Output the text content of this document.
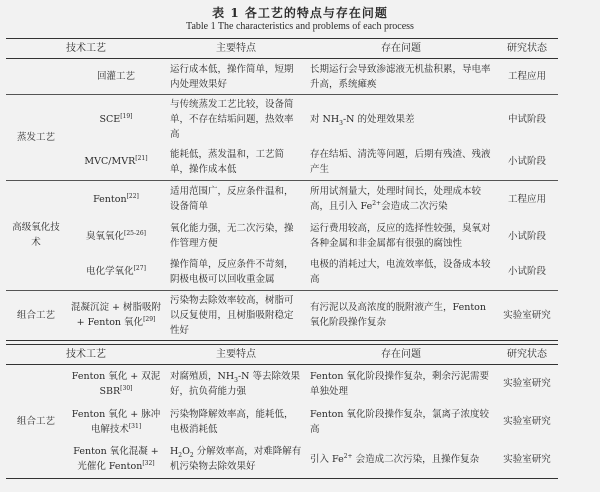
表 1 各工艺的特点与存在问题
Table 1 The characteristics and problems of each process
技术工艺		主要特点	存在问题	研究状态
	回灌工艺	运行成本低，操作简单，短期内处理效果好	长期运行会导致渗滤液无机盐积累，导电率升高，系统瘫痪	工程应用
蒸发工艺	SCE[19]	与传统蒸发工艺比较，设备简单，不存在结垢问题，热效率高	对 $NH_3-N$ 的处理效果差	中试阶段
	MVC/MVR[21]	能耗低，蒸发温和，工艺简单，操作成本低	存在结垢、清洗等问题，后期有残渣、残液产生	小试阶段
高级氧化技术	Fenton[22]	适用范围广，反应条件温和，设备简单	所用试剂量大，处理时间长，处理成本较高，且引入 $Fe^{2+}$会造成二次污染	工程应用
	臭氧氧化[25-26]	氧化能力强，无二次污染，操作管理方便	运行费用较高，反应的选择性较强，臭氧对各种金属和非金属都有很强的腐蚀性	小试阶段
	电化学氧化[27]	操作简单，反应条件不苛刻，阴极电极可以回收重金属	电极的消耗过大，电流效率低，设备成本较高	小试阶段
组合工艺	混凝沉淀 + 树脂吸附 + Fenton 氧化[29]	污染物去除效率较高，树脂可以反复使用，且树脂吸附稳定性好	有污泥以及高浓度的脱附液产生，Fenton 氧化阶段操作复杂	实验室研究
技术工艺		主要特点	存在问题	研究状态
组合工艺	Fenton 氧化 + 双泥 SBR[30]	对腐殖质，$NH_3-N$ 等去除效果好，抗负荷能力强	Fenton 氧化阶段操作复杂，剩余污泥需要单独处理	实验室研究
	Fenton 氧化 + 脉冲电解技术[31]	污染物降解效率高，能耗低，电极消耗低	Fenton 氧化阶段操作复杂，氯离子浓度较高	实验室研究
	Fenton 氧化混凝 + 光催化 Fenton[32]	$H_2O_2$ 分解效率高，对难降解有机污染物去除效果好	引入 $Fe^{2+}$ 会造成二次污染，且操作复杂	实验室研究
